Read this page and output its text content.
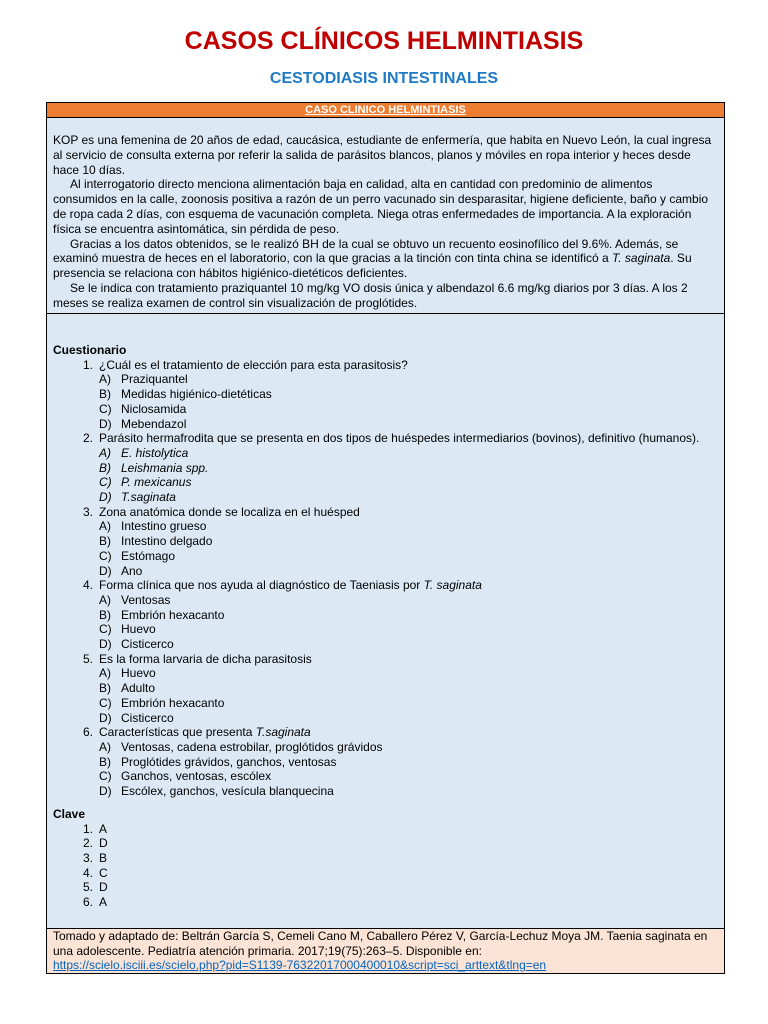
CASOS CLÍNICOS HELMINTIASIS
CESTODIASIS INTESTINALES
CASO CLINICO HELMINTIASIS

KOP es una femenina de 20 años de edad, caucásica, estudiante de enfermería, que habita en Nuevo León, la cual ingresa al servicio de consulta externa por referir la salida de parásitos blancos, planos y móviles en ropa interior y heces desde hace 10 días.

Al interrogatorio directo menciona alimentación baja en calidad, alta en cantidad con predominio de alimentos consumidos en la calle, zoonosis positiva a razón de un perro vacunado sin desparasitar, higiene deficiente, baño y cambio de ropa cada 2 días, con esquema de vacunación completa. Niega otras enfermedades de importancia. A la exploración física se encuentra asintomática, sin pérdida de peso.

Gracias a los datos obtenidos, se le realizó BH de la cual se obtuvo un recuento eosinofílico del 9.6%. Además, se examinó muestra de heces en el laboratorio, con la que gracias a la tinción con tinta china se identificó a T. saginata. Su presencia se relaciona con hábitos higiénico-dietéticos deficientes.

Se le indica con tratamiento praziquantel 10 mg/kg VO dosis única y albendazol 6.6 mg/kg diarios por 3 días. A los 2 meses se realiza examen de control sin visualización de proglótides.

Cuestionario
1. ¿Cuál es el tratamiento de elección para esta parasitosis?
A) Praziquantel
B) Medidas higiénico-dietéticas
C) Niclosamida
D) Mebendazol
2. Parásito hermafrodita que se presenta en dos tipos de huéspedes intermediarios (bovinos), definitivo (humanos).
A) E. histolytica
B) Leishmania spp.
C) P. mexicanus
D) T.saginata
3. Zona anatómica donde se localiza en el huésped
A) Intestino grueso
B) Intestino delgado
C) Estómago
D) Ano
4. Forma clínica que nos ayuda al diagnóstico de Taeniasis por T. saginata
A) Ventosas
B) Embrión hexacanto
C) Huevo
D) Cisticerco
5. Es la forma larvaria de dicha parasitosis
A) Huevo
B) Adulto
C) Embrión hexacanto
D) Cisticerco
6. Características que presenta T.saginata
A) Ventosas, cadena estrobilar, proglótidos grávidos
B) Proglótides grávidos, ganchos, ventosas
C) Ganchos, ventosas, escólex
D) Escólex, ganchos, vesícula blanquecina
Clave
1. A
2. D
3. B
4. C
5. D
6. A
Tomado y adaptado de: Beltrán García S, Cemeli Cano M, Caballero Pérez V, García-Lechuz Moya JM. Taenia saginata en una adolescente. Pediatría atención primaria. 2017;19(75):263–5. Disponible en:
https://scielo.isciii.es/scielo.php?pid=S1139-76322017000400010&script=sci_arttext&tlng=en
